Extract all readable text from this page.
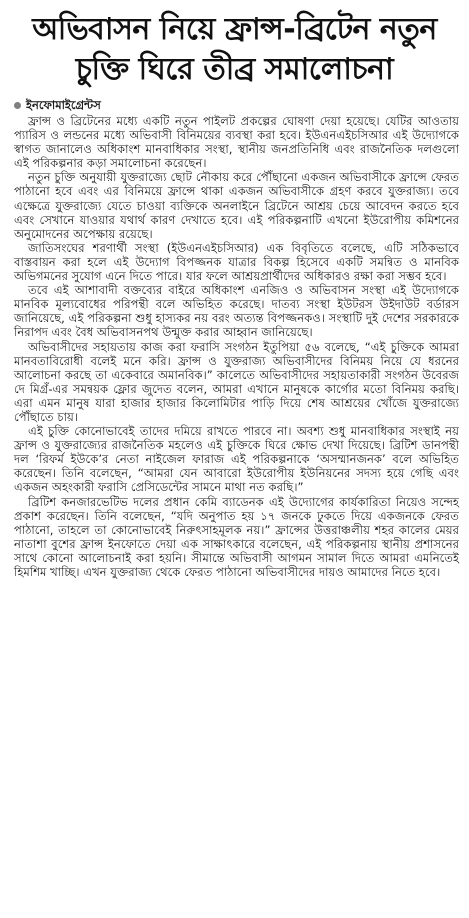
অভিবাসন নিয়ে ফ্রান্স-ব্রিটেন নতুন
চুক্তি ঘিরে তীব্র সমালোচনা
ইনফোমাইগ্রেন্টস

ফ্রান্স ও ব্রিটেনের মধ্যে একটি নতুন পাইলট প্রকল্পের ঘোষণা দেয়া হয়েছে। যেটির আওতায় প্যারিস ও লন্ডনের মধ্যে অভিবাসী বিনিময়ের ব্যবস্থা করা হবে। ইউএনএইচসিআর এই উদ্যোগকে স্বাগত জানালেও অধিকাংশ মানবাধিকার সংস্থা, স্থানীয় জনপ্রতিনিধি এবং রাজনৈতিক দলগুলো এই পরিকল্পনার কড়া সমালোচনা করেছেন।

নতুন চুক্তি অনুযায়ী যুক্তরাজ্যে ছোট নৌকায় করে পৌঁছানো একজন অভিবাসীকে ফ্রান্সে ফেরত পাঠানো হবে এবং এর বিনিময়ে ফ্রান্সে থাকা একজন অভিবাসীকে গ্রহণ করবে যুক্তরাজ্য। তবে এক্ষেত্রে যুক্তরাজ্যে যেতে চাওয়া ব্যক্তিকে অনলাইনে ব্রিটেনে আশ্রয় চেয়ে আবেদন করতে হবে এবং সেখানে যাওয়ার যথার্থ কারণ দেখাতে হবে। এই পরিকল্পনাটি এখনো ইউরোপীয় কমিশনের অনুমোদনের অপেক্ষায় রয়েছে।

জাতিসংঘের শরণার্থী সংস্থা (ইউএনএইচসিআর) এক বিবৃতিতে বলেছে, এটি সঠিকভাবে বাস্তবায়ন করা হলে এই উদ্যোগ বিপজ্জনক যাত্রার বিকল্প হিসেবে একটি সমন্বিত ও মানবিক অভিগমনের সুযোগ এনে দিতে পারে। যার ফলে আশ্রয়প্রার্থীদের অধিকারও রক্ষা করা সম্ভব হবে।

তবে এই আশাবাদী বক্তব্যের বাইরে অধিকাংশ এনজিও ও অভিবাসন সংস্থা এই উদ্যোগকে মানবিক মূল্যবোধের পরিপন্থী বলে অভিহিত করেছে। দাতব্য সংস্থা ইউটরস উইদাউট বর্ডারস জানিয়েছে, এই পরিকল্পনা শুধু হাস্যকর নয় বরং অত্যন্ত বিপজ্জনকও। সংস্থাটি দুই দেশের সরকারকে নিরাপদ এবং বৈধ অভিবাসনপথ উন্মুক্ত করার আহ্বান জানিয়েছে।

অভিবাসীদের সহায়তায় কাজ করা ফরাসি সংগঠন ইতুপিয়া ৫৬ বলেছে, “এই চুক্তিকে আমরা মানবতাবিরোধী বলেই মনে করি। ফ্রান্স ও যুক্তরাজ্য অভিবাসীদের বিনিময় নিয়ে যে ধরনের আলোচনা করছে তা একেবারে অমানবিক।” কালেতে অভিবাসীদের সহায়তাকারী সংগঠন উবেরজ দে মিগ্রঁ-এর সমন্বয়ক ফ্লোর জুদেত বলেন, আমরা এখানে মানুষকে কার্গোর মতো বিনিময় করছি। এরা এমন মানুষ যারা হাজার হাজার কিলোমিটার পাড়ি দিয়ে শেষ আশ্রয়ের খোঁজে যুক্তরাজ্যে পৌঁছাতে চায়।

এই চুক্তি কোনোভাবেই তাদের দমিয়ে রাখতে পারবে না। অবশ্য শুধু মানবাধিকার সংস্থাই নয় ফ্রান্স ও যুক্তরাজ্যের রাজনৈতিক মহলেও এই চুক্তিকে ঘিরে ক্ষোভ দেখা দিয়েছে। ব্রিটিশ ডানপন্থী দল ‘রিফর্ম ইউকে’র নেতা নাইজেল ফারাজ এই পরিকল্পনাকে ‘অসম্মানজনক’ বলে অভিহিত করেছেন। তিনি বলেছেন, “আমরা যেন আবারো ইউরোপীয় ইউনিয়নের সদস্য হয়ে গেছি এবং একজন অহংকারী ফরাসি প্রেসিডেন্টের সামনে মাথা নত করছি।”

ব্রিটিশ কনজারভেটিভ দলের প্রধান কেমি ব্যাডেনক এই উদ্যোগের কার্যকারিতা নিয়েও সন্দেহ প্রকাশ করেছেন। তিনি বলেছেন, “যদি অনুপাত হয় ১৭ জনকে ঢুকতে দিয়ে একজনকে ফেরত পাঠানো, তাহলে তা কোনোভাবেই নিরুৎসাহমূলক নয়।” ফ্রান্সের উত্তরাঞ্চলীয় শহর কালের মেয়র নাতাশা বুশের ফ্রান্স ইনফোতে দেয়া এক সাক্ষাৎকারে বলেছেন, এই পরিকল্পনায় স্থানীয় প্রশাসনের সাথে কোনো আলোচনাই করা হয়নি। সীমান্তে অভিবাসী আগমন সামাল দিতে আমরা এমনিতেই হিমশিম খাচ্ছি। এখন যুক্তরাজ্য থেকে ফেরত পাঠানো অভিবাসীদের দায়ও আমাদের নিতে হবে।
